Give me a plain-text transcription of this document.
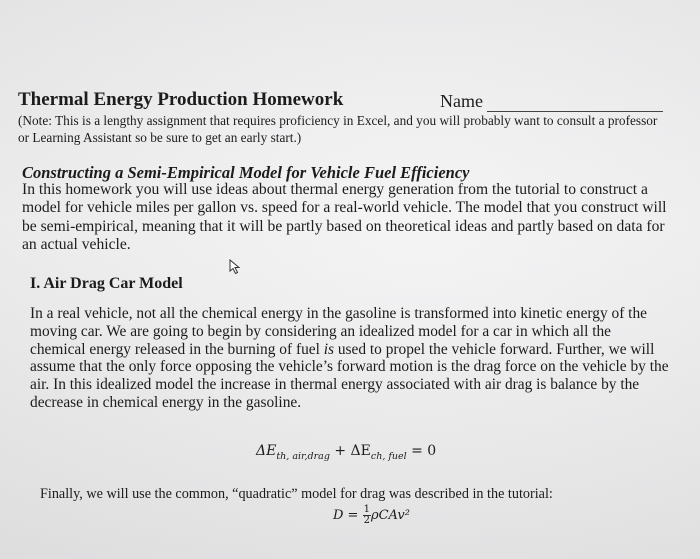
Thermal Energy Production Homework	Name
(Note: This is a lengthy assignment that requires proficiency in Excel, and you will probably want to consult a professor or Learning Assistant so be sure to get an early start.)
Constructing a Semi-Empirical Model for Vehicle Fuel Efficiency
In this homework you will use ideas about thermal energy generation from the tutorial to construct a model for vehicle miles per gallon vs. speed for a real-world vehicle. The model that you construct will be semi-empirical, meaning that it will be partly based on theoretical ideas and partly based on data for an actual vehicle.
I. Air Drag Car Model
In a real vehicle, not all the chemical energy in the gasoline is transformed into kinetic energy of the moving car. We are going to begin by considering an idealized model for a car in which all the chemical energy released in the burning of fuel is used to propel the vehicle forward. Further, we will assume that the only force opposing the vehicle’s forward motion is the drag force on the vehicle by the air. In this idealized model the increase in thermal energy associated with air drag is balance by the decrease in chemical energy in the gasoline.
$\Delta E_{th, air,drag} + \Delta E_{ch, fuel} = 0$
Finally, we will use the common, “quadratic” model for drag was described in the tutorial:
$D = \frac{1}{2} \rho CAv^2$
